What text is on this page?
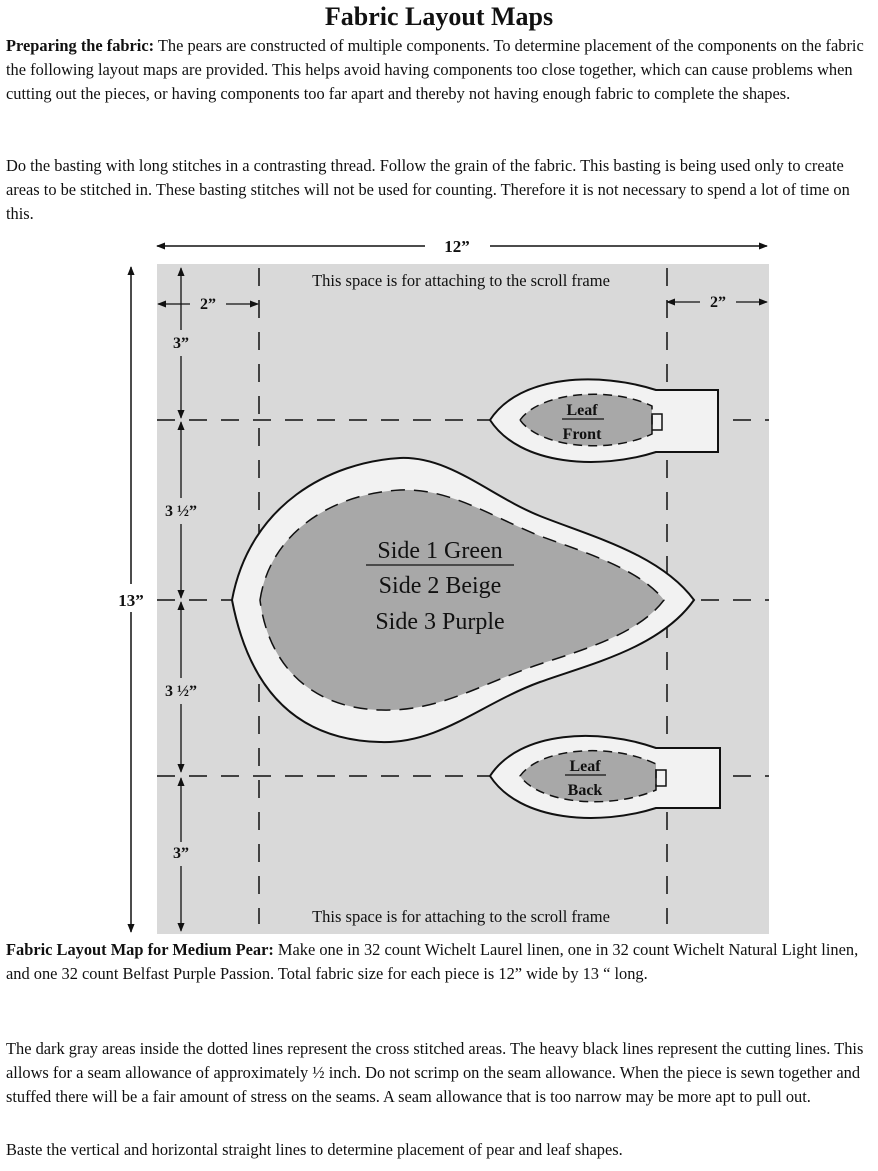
Fabric Layout Maps

Preparing the fabric: The pears are constructed of multiple components. To determine placement of the components on the fabric the following layout maps are provided. This helps avoid having components too close together, which can cause problems when cutting out the pieces, or having components too far apart and thereby not having enough fabric to complete the shapes.

Do the basting with long stitches in a contrasting thread. Follow the grain of the fabric. This basting is being used only to create areas to be stitched in. These basting stitches will not be used for counting. Therefore it is not necessary to spend a lot of time on this.

12”
13”
2”	2”
3”
3 ½”
3 ½”
3”
This space is for attaching to the scroll frame
This space is for attaching to the scroll frame
Leaf
Front
Leaf
Back
Side 1 Green
Side 2 Beige
Side 3 Purple

Fabric Layout Map for Medium Pear: Make one in 32 count Wichelt Laurel linen, one in 32 count Wichelt Natural Light linen, and one 32 count Belfast Purple Passion. Total fabric size for each piece is 12” wide by 13 “ long.

The dark gray areas inside the dotted lines represent the cross stitched areas. The heavy black lines represent the cutting lines. This allows for a seam allowance of approximately ½ inch. Do not scrimp on the seam allowance. When the piece is sewn together and stuffed there will be a fair amount of stress on the seams. A seam allowance that is too narrow may be more apt to pull out.

Baste the vertical and horizontal straight lines to determine placement of pear and leaf shapes.
